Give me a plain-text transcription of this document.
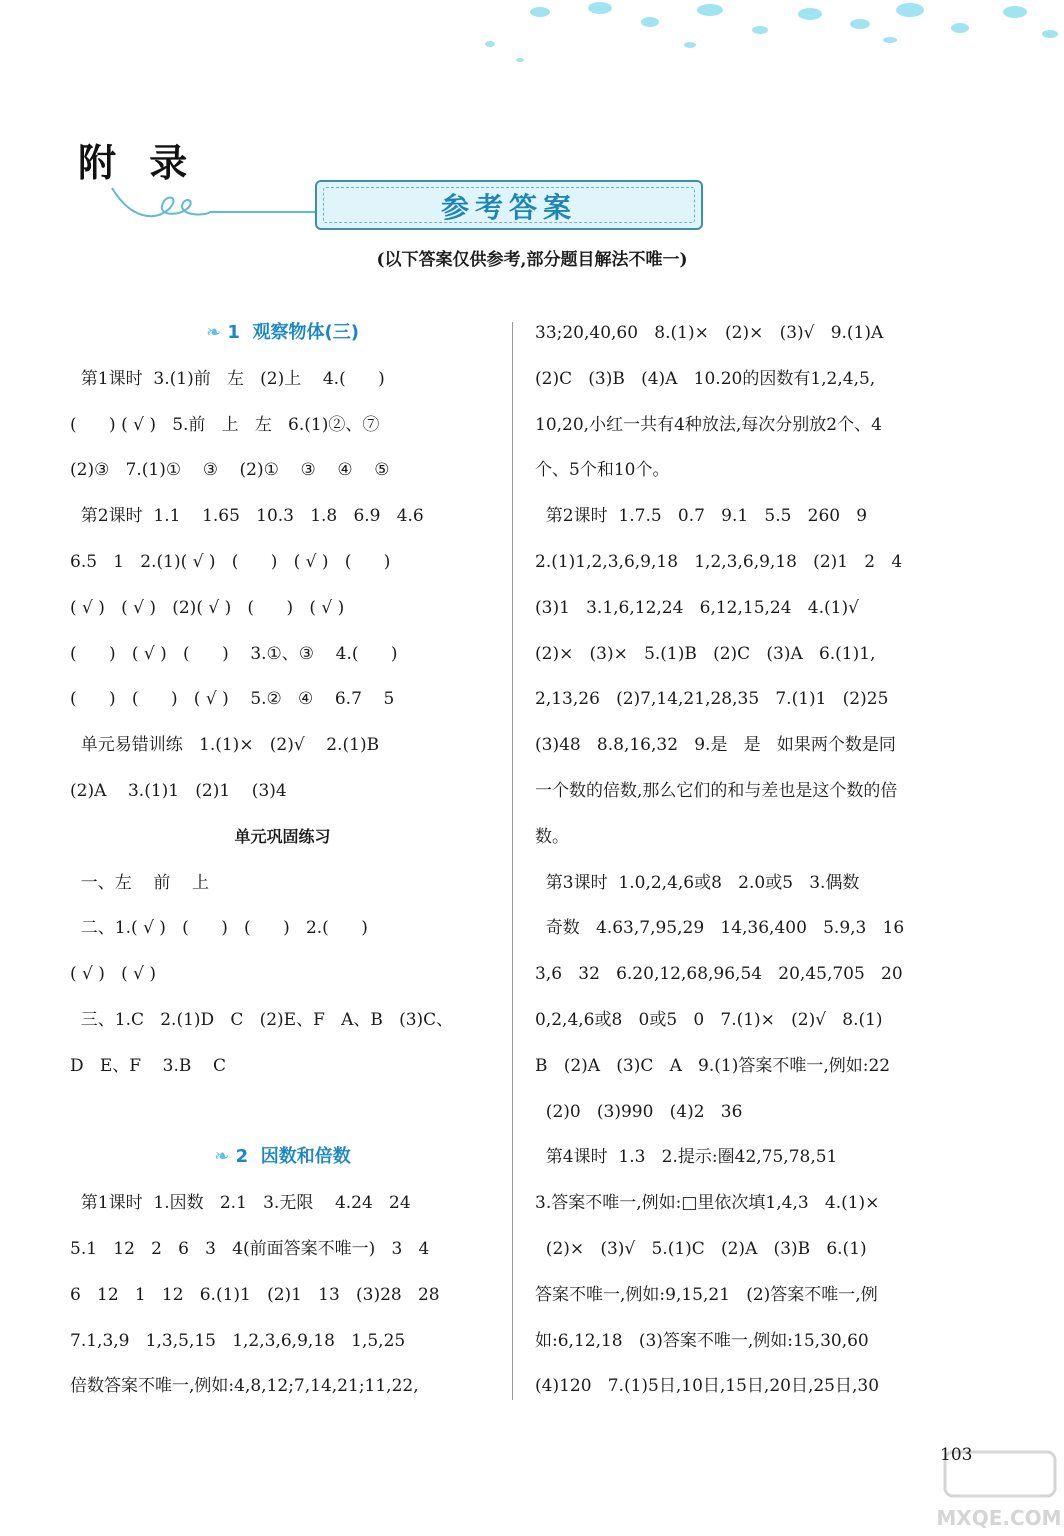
附 录
参考答案
(以下答案仅供参考,部分题目解法不唯一)
❧ 1  观察物体(三)
第1课时  3.(1)前   左   (2)上    4.(      )
(      ) ( √ )   5.前   上   左   6.(1)②、⑦
(2)③   7.(1)①    ③    (2)①    ③    ④    ⑤
第2课时  1.1    1.65   10.3   1.8   6.9   4.6
6.5   1   2.(1)( √ )   (      )   ( √ )   (      )
( √ )   ( √ )   (2)( √ )   (      )   ( √ )
(      )   ( √ )   (      )    3.①、③    4.(      )
(      )   (      )   ( √ )    5.②   ④    6.7    5
单元易错训练   1.(1)×   (2)√    2.(1)B
(2)A    3.(1)1   (2)1    (3)4
单元巩固练习
一、左    前    上
二、1.( √ )   (      )   (      )   2.(      )
( √ )   ( √ )
三、1.C   2.(1)D   C   (2)E、F   A、B   (3)C、
D   E、F    3.B    C
❧ 2  因数和倍数
第1课时  1.因数   2.1   3.无限    4.24   24
5.1   12   2   6   3   4(前面答案不唯一)   3   4
6   12   1   12   6.(1)1   (2)1   13   (3)28   28
7.1,3,9   1,3,5,15   1,2,3,6,9,18   1,5,25
倍数答案不唯一,例如:4,8,12;7,14,21;11,22,
33;20,40,60   8.(1)×   (2)×   (3)√   9.(1)A
(2)C   (3)B   (4)A   10.20的因数有1,2,4,5,
10,20,小红一共有4种放法,每次分别放2个、4
个、5个和10个。
第2课时  1.7.5   0.7   9.1   5.5   260   9
2.(1)1,2,3,6,9,18   1,2,3,6,9,18   (2)1   2   4
(3)1   3.1,6,12,24   6,12,15,24   4.(1)√
(2)×   (3)×   5.(1)B   (2)C   (3)A   6.(1)1,
2,13,26   (2)7,14,21,28,35   7.(1)1   (2)25
(3)48   8.8,16,32   9.是   是   如果两个数是同
一个数的倍数,那么它们的和与差也是这个数的倍
数。
第3课时  1.0,2,4,6或8   2.0或5   3.偶数
奇数   4.63,7,95,29   14,36,400   5.9,3   16
3,6   32   6.20,12,68,96,54   20,45,705   20
0,2,4,6或8   0或5   0   7.(1)×   (2)√   8.(1)
B   (2)A   (3)C   A   9.(1)答案不唯一,例如:22
(2)0   (3)990   (4)2   36
第4课时  1.3   2.提示:圈42,75,78,51
3.答案不唯一,例如:□里依次填1,4,3   4.(1)×
(2)×   (3)√   5.(1)C   (2)A   (3)B   6.(1)
答案不唯一,例如:9,15,21   (2)答案不唯一,例
如:6,12,18   (3)答案不唯一,例如:15,30,60
(4)120   7.(1)5日,10日,15日,20日,25日,30
MXQE.COM
103
